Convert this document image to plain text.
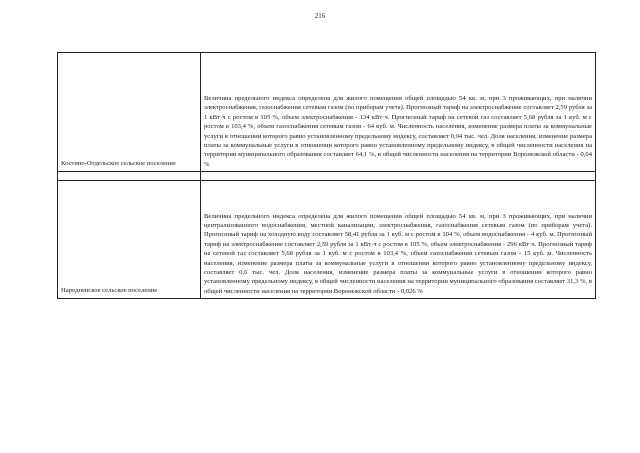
216
Костино-Отдельское сельское поселение	Величина предельного индекса определена для жилого помещения общей площадью 54 кв. м, при 3 проживающих, при наличии электроснабжения, газоснабжения сетевым газом (по приборам учета). Прогнозный тариф на электроснабжение составляет 2,59 рубля за 1 кВт·ч с ростом в 105 %, объем электроснабжения - 134 кВт·ч. Прогнозный тариф на сетевой газ составляет 5,68 рубля за 1 куб. м с ростом в 103,4 %, объем газоснабжения сетевым газом - 64 куб. м. Численность населения, изменение размера платы за коммунальные услуги в отношении которого равно установленному предельному индексу, составляет 0,94 тыс. чел. Доля населения, изменение размера платы за коммунальные услуги в отношении которого равно установленному предельному индексу, в общей численности населения на территории муниципального образования составляет 64,1 %, в общей численности населения на территории Воронежской области - 0,04 %

Народненское сельское поселение	Величина предельного индекса определена для жилого помещения общей площадью 54 кв. м, при 3 проживающих, при наличии централизованного водоснабжения, местной канализации, электроснабжения, газоснабжения сетевым газом (по приборам учета). Прогнозный тариф на холодную воду составляет 58,41 рубля за 1 куб. м с ростом в 104 %, объем водоснабжения - 4 куб. м. Прогнозный тариф на электроснабжение составляет 2,59 рубля за 1 кВт·ч с ростом в 105 %, объем электроснабжения - 296 кВт·ч. Прогнозный тариф на сетевой газ составляет 5,68 рубля за 1 куб. м с ростом в 103,4 %, объем газоснабжения сетевым газом - 15 куб. м. Численность населения, изменение размера платы за коммунальные услуги в отношении которого равно установленному предельному индексу, составляет 0,6 тыс. чел. Доля населения, изменение размера платы за коммунальные услуги в отношении которого равно установленному предельному индексу, в общей численности населения на территории муниципального образования составляет 31,3 %, в общей численности населения на территории Воронежской области - 0,026 %
